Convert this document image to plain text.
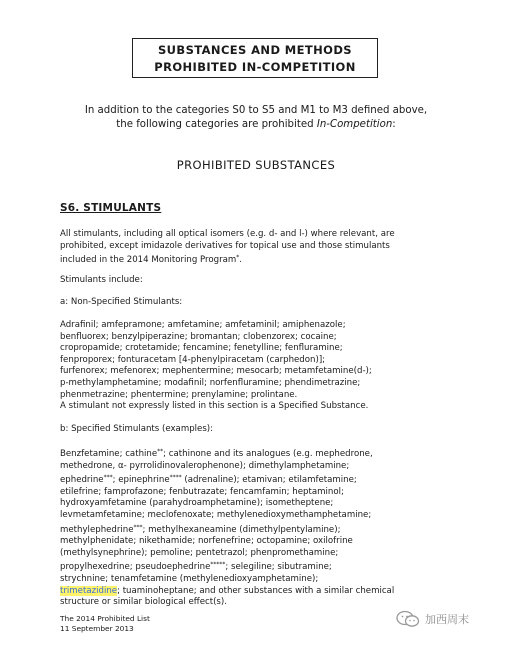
SUBSTANCES AND METHODS
PROHIBITED IN-COMPETITION
In addition to the categories S0 to S5 and M1 to M3 defined above,
the following categories are prohibited In-Competition:
PROHIBITED SUBSTANCES
S6. STIMULANTS
All stimulants, including all optical isomers (e.g. d- and l-) where relevant, are
prohibited, except imidazole derivatives for topical use and those stimulants
included in the 2014 Monitoring Program*.
Stimulants include:
a: Non-Specified Stimulants:
Adrafinil; amfepramone; amfetamine; amfetaminil; amiphenazole;
benfluorex; benzylpiperazine; bromantan; clobenzorex; cocaine;
cropropamide; crotetamide; fencamine; fenetylline; fenfluramine;
fenproporex; fonturacetam [4-phenylpiracetam (carphedon)];
furfenorex; mefenorex; mephentermine; mesocarb; metamfetamine(d-);
p-methylamphetamine; modafinil; norfenfluramine; phendimetrazine;
phenmetrazine; phentermine; prenylamine; prolintane.
A stimulant not expressly listed in this section is a Specified Substance.
b: Specified Stimulants (examples):
Benzfetamine; cathine**; cathinone and its analogues (e.g. mephedrone,
methedrone, α- pyrrolidinovalerophenone); dimethylamphetamine;
ephedrine***; epinephrine**** (adrenaline); etamivan; etilamfetamine;
etilefrine; famprofazone; fenbutrazate; fencamfamin; heptaminol;
hydroxyamfetamine (parahydroamphetamine); isometheptene;
levmetamfetamine; meclofenoxate; methylenedioxymethamphetamine;
methylephedrine***; methylhexaneamine (dimethylpentylamine);
methylphenidate; nikethamide; norfenefrine; octopamine; oxilofrine
(methylsynephrine); pemoline; pentetrazol; phenpromethamine;
propylhexedrine; pseudoephedrine*****; selegiline; sibutramine;
strychnine; tenamfetamine (methylenedioxyamphetamine);
trimetazidine; tuaminoheptane; and other substances with a similar chemical
structure or similar biological effect(s).
The 2014 Prohibited List
11 September 2013
加西周末
